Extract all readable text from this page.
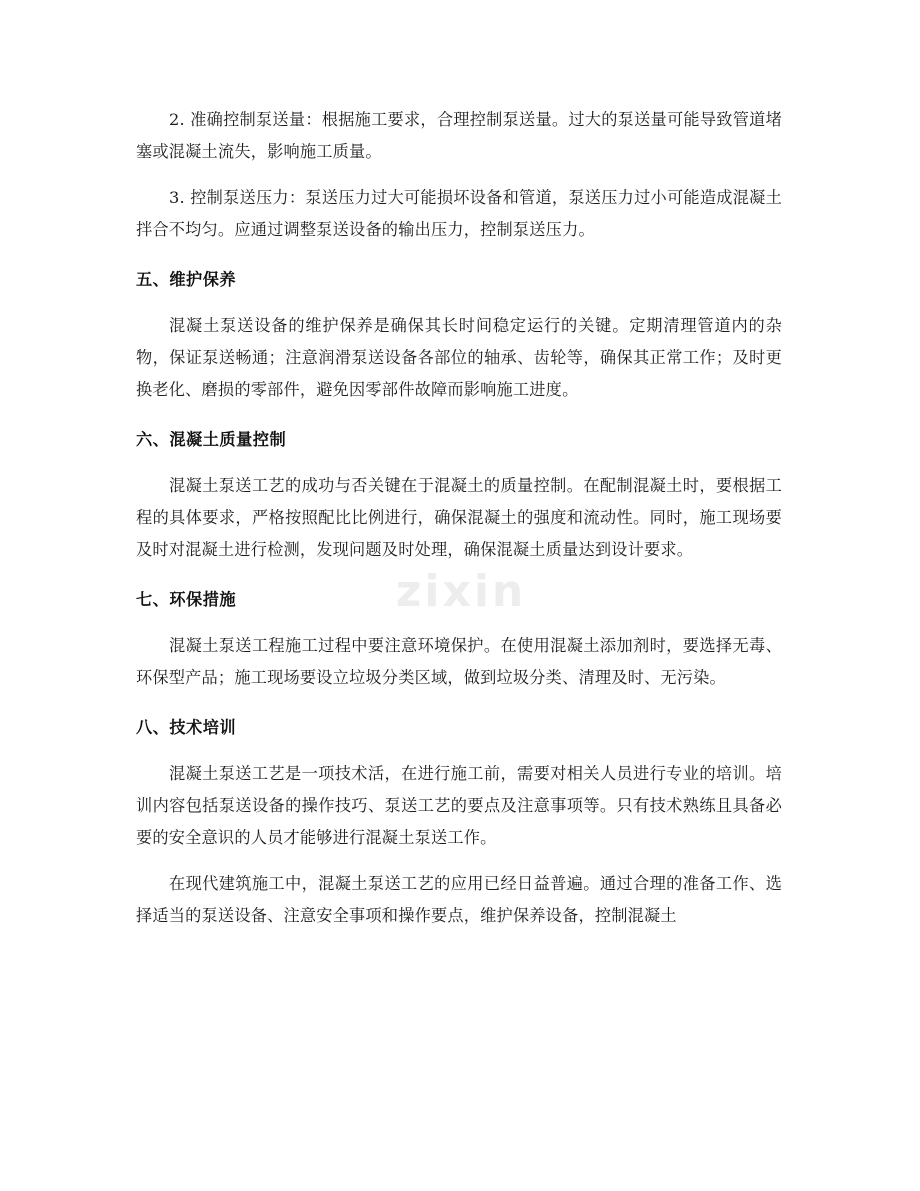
2. 准确控制泵送量：根据施工要求，合理控制泵送量。过大的泵送量可能导致管道堵塞或混凝土流失，影响施工质量。

3. 控制泵送压力：泵送压力过大可能损坏设备和管道，泵送压力过小可能造成混凝土拌合不均匀。应通过调整泵送设备的输出压力，控制泵送压力。

五、维护保养

混凝土泵送设备的维护保养是确保其长时间稳定运行的关键。定期清理管道内的杂物，保证泵送畅通；注意润滑泵送设备各部位的轴承、齿轮等，确保其正常工作；及时更换老化、磨损的零部件，避免因零部件故障而影响施工进度。

六、混凝土质量控制

混凝土泵送工艺的成功与否关键在于混凝土的质量控制。在配制混凝土时，要根据工程的具体要求，严格按照配比比例进行，确保混凝土的强度和流动性。同时，施工现场要及时对混凝土进行检测，发现问题及时处理，确保混凝土质量达到设计要求。

七、环保措施

混凝土泵送工程施工过程中要注意环境保护。在使用混凝土添加剂时，要选择无毒、环保型产品；施工现场要设立垃圾分类区域，做到垃圾分类、清理及时、无污染。

八、技术培训

混凝土泵送工艺是一项技术活，在进行施工前，需要对相关人员进行专业的培训。培训内容包括泵送设备的操作技巧、泵送工艺的要点及注意事项等。只有技术熟练且具备必要的安全意识的人员才能够进行混凝土泵送工作。

在现代建筑施工中，混凝土泵送工艺的应用已经日益普遍。通过合理的准备工作、选择适当的泵送设备、注意安全事项和操作要点，维护保养设备，控制混凝土

zixin
